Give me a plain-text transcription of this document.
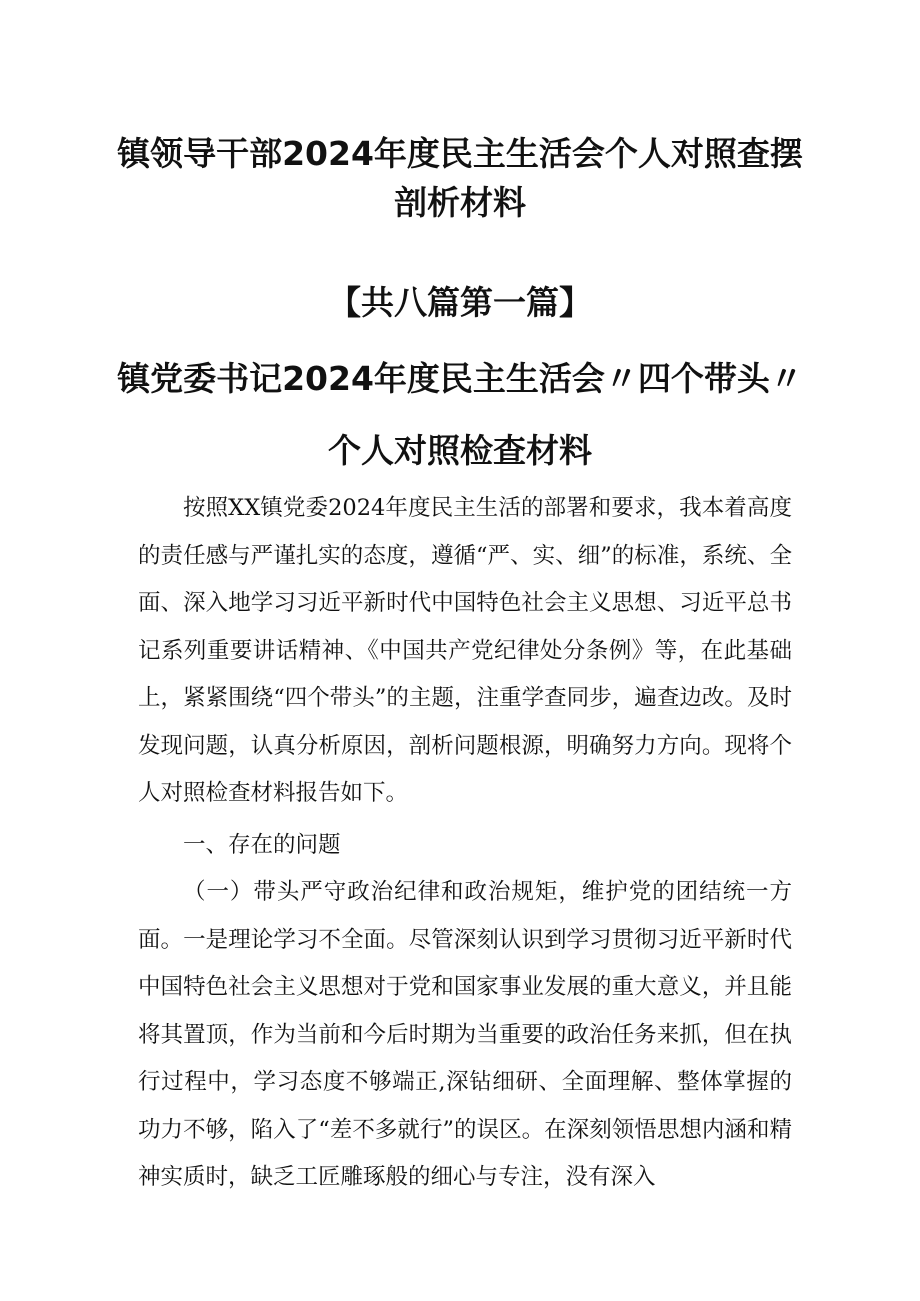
镇领导干部2024年度民主生活会个人对照查摆
剖析材料
【共八篇第一篇】
镇党委书记2024年度民主生活会〃四个带头〃
个人对照检查材料
按照XX镇党委2024年度民主生活的部署和要求，我本着高度的责任感与严谨扎实的态度，遵循“严、实、细”的标准，系统、全面、深入地学习习近平新时代中国特色社会主义思想、习近平总书记系列重要讲话精神、《中国共产党纪律处分条例》等，在此基础上，紧紧围绕“四个带头”的主题，注重学查同步，遍查边改。及时发现问题，认真分析原因，剖析问题根源，明确努力方向。现将个人对照检查材料报告如下。
一、存在的问题
（一）带头严守政治纪律和政治规矩，维护党的团结统一方面。一是理论学习不全面。尽管深刻认识到学习贯彻习近平新时代中国特色社会主义思想对于党和国家事业发展的重大意义，并且能将其置顶，作为当前和今后时期为当重要的政治任务来抓，但在执行过程中，学习态度不够端正,深钻细研、全面理解、整体掌握的功力不够，陷入了“差不多就行”的误区。在深刻领悟思想内涵和精神实质时，缺乏工匠雕琢般的细心与专注，没有深入
